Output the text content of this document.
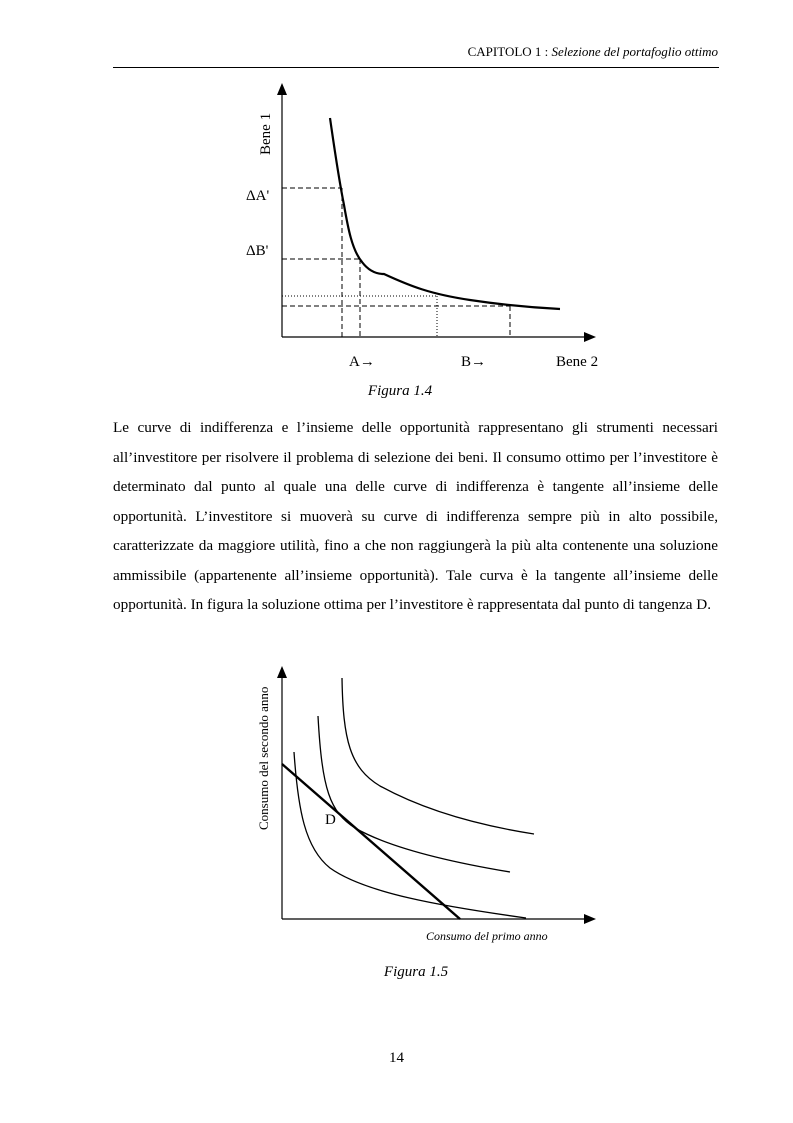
CAPITOLO 1 : Selezione del portafoglio ottimo
Bene 1
ΔA'
ΔB'
A→	B→	Bene 2
Figura 1.4

Le curve di indifferenza e l’insieme delle opportunità rappresentano gli strumenti necessari all’investitore per risolvere il problema di selezione dei beni. Il consumo ottimo per l’investitore è determinato dal punto al quale una delle curve di indifferenza è tangente all’insieme delle opportunità. L’investitore si muoverà su curve di indifferenza sempre più in alto possibile, caratterizzate da maggiore utilità, fino a che non raggiungerà la più alta contenente una soluzione ammissibile (appartenente all’insieme opportunità). Tale curva è la tangente all’insieme delle opportunità. In figura la soluzione ottima per l’investitore è rappresentata dal punto di tangenza D.

Consumo del secondo anno	D
Consumo del primo anno
Figura 1.5
14
